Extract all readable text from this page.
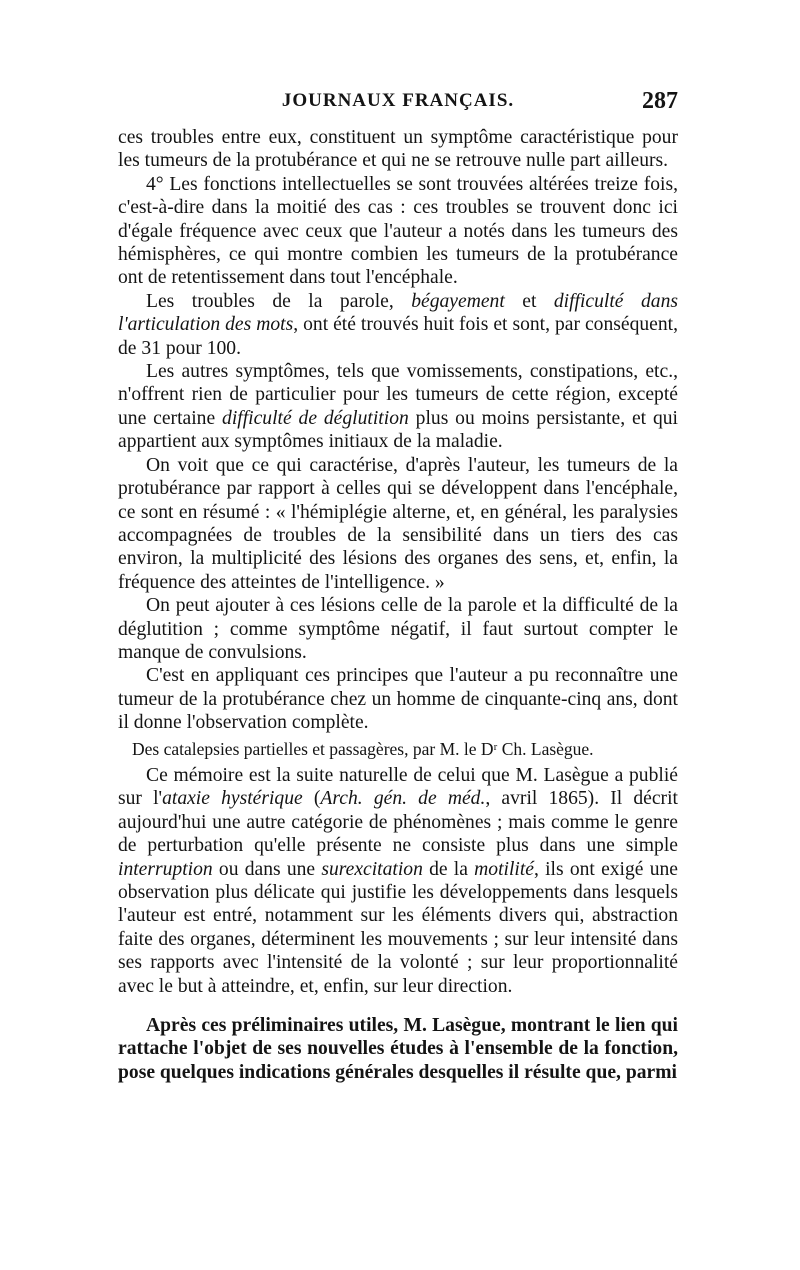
JOURNAUX FRANÇAIS.	287

ces troubles entre eux, constituent un symptôme caractéristique pour les tumeurs de la protubérance et qui ne se retrouve nulle part ailleurs.

4° Les fonctions intellectuelles se sont trouvées altérées treize fois, c'est-à-dire dans la moitié des cas : ces troubles se trouvent donc ici d'égale fréquence avec ceux que l'auteur a notés dans les tumeurs des hémisphères, ce qui montre combien les tumeurs de la protubérance ont de retentissement dans tout l'encéphale.

Les troubles de la parole, bégayement et difficulté dans l'articulation des mots, ont été trouvés huit fois et sont, par conséquent, de 31 pour 100.

Les autres symptômes, tels que vomissements, constipations, etc., n'offrent rien de particulier pour les tumeurs de cette région, excepté une certaine difficulté de déglutition plus ou moins persistante, et qui appartient aux symptômes initiaux de la maladie.

On voit que ce qui caractérise, d'après l'auteur, les tumeurs de la protubérance par rapport à celles qui se développent dans l'encéphale, ce sont en résumé : « l'hémiplégie alterne, et, en général, les paralysies accompagnées de troubles de la sensibilité dans un tiers des cas environ, la multiplicité des lésions des organes des sens, et, enfin, la fréquence des atteintes de l'intelligence. »

On peut ajouter à ces lésions celle de la parole et la difficulté de la déglutition ; comme symptôme négatif, il faut surtout compter le manque de convulsions.

C'est en appliquant ces principes que l'auteur a pu reconnaître une tumeur de la protubérance chez un homme de cinquante-cinq ans, dont il donne l'observation complète.

Des catalepsies partielles et passagères, par M. le Dʳ Ch. Lasègue.

Ce mémoire est la suite naturelle de celui que M. Lasègue a publié sur l'ataxie hystérique (Arch. gén. de méd., avril 1865). Il décrit aujourd'hui une autre catégorie de phénomènes ; mais comme le genre de perturbation qu'elle présente ne consiste plus dans une simple interruption ou dans une surexcitation de la motilité, ils ont exigé une observation plus délicate qui justifie les développements dans lesquels l'auteur est entré, notamment sur les éléments divers qui, abstraction faite des organes, déterminent les mouvements ; sur leur intensité dans ses rapports avec l'intensité de la volonté ; sur leur proportionnalité avec le but à atteindre, et, enfin, sur leur direction.

Après ces préliminaires utiles, M. Lasègue, montrant le lien qui rattache l'objet de ses nouvelles études à l'ensemble de la fonction, pose quelques indications générales desquelles il résulte que, parmi
